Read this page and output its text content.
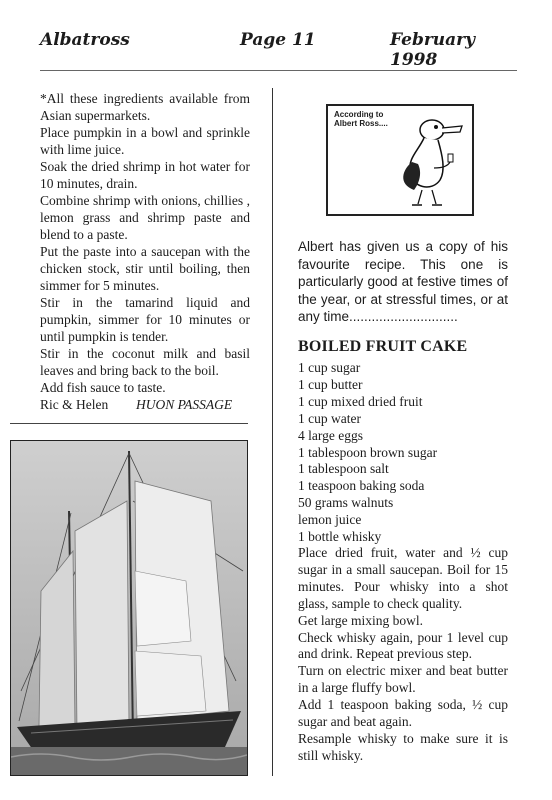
Albatross	Page 11	February 1998

*All these ingredients available from Asian supermarkets.

Place pumpkin in a bowl and sprinkle with lime juice.

Soak the dried shrimp in hot water for 10 minutes, drain.

Combine shrimp with onions, chillies , lemon grass and shrimp paste and blend to a paste.

Put the paste into a saucepan with the chicken stock, stir until boiling, then simmer for 5 minutes.

Stir in the tamarind liquid and pumpkin, simmer for 10 minutes or until pumpkin is tender.

Stir in the coconut milk and basil leaves and bring back to the boil.

Add fish sauce to taste.

Ric & Helen HUON PASSAGE
According to
Albert Ross....

Albert has given us a copy of his favourite recipe. This one is particularly good at festive times of the year, or at stressful times, or at any time.............................

BOILED FRUIT CAKE
1 cup sugar
1 cup butter
1 cup mixed dried fruit
1 cup water
4 large eggs
1 tablespoon brown sugar
1 tablespoon salt
1 teaspoon baking soda
50 grams walnuts
lemon juice
1 bottle whisky

Place dried fruit, water and ½ cup sugar in a small saucepan. Boil for 15 minutes. Pour whisky into a shot glass, sample to check quality.

Get large mixing bowl.

Check whisky again, pour 1 level cup and drink. Repeat previous step.

Turn on electric mixer and beat butter in a large fluffy bowl.

Add 1 teaspoon baking soda, ½ cup sugar and beat again.

Resample whisky to make sure it is still whisky.
